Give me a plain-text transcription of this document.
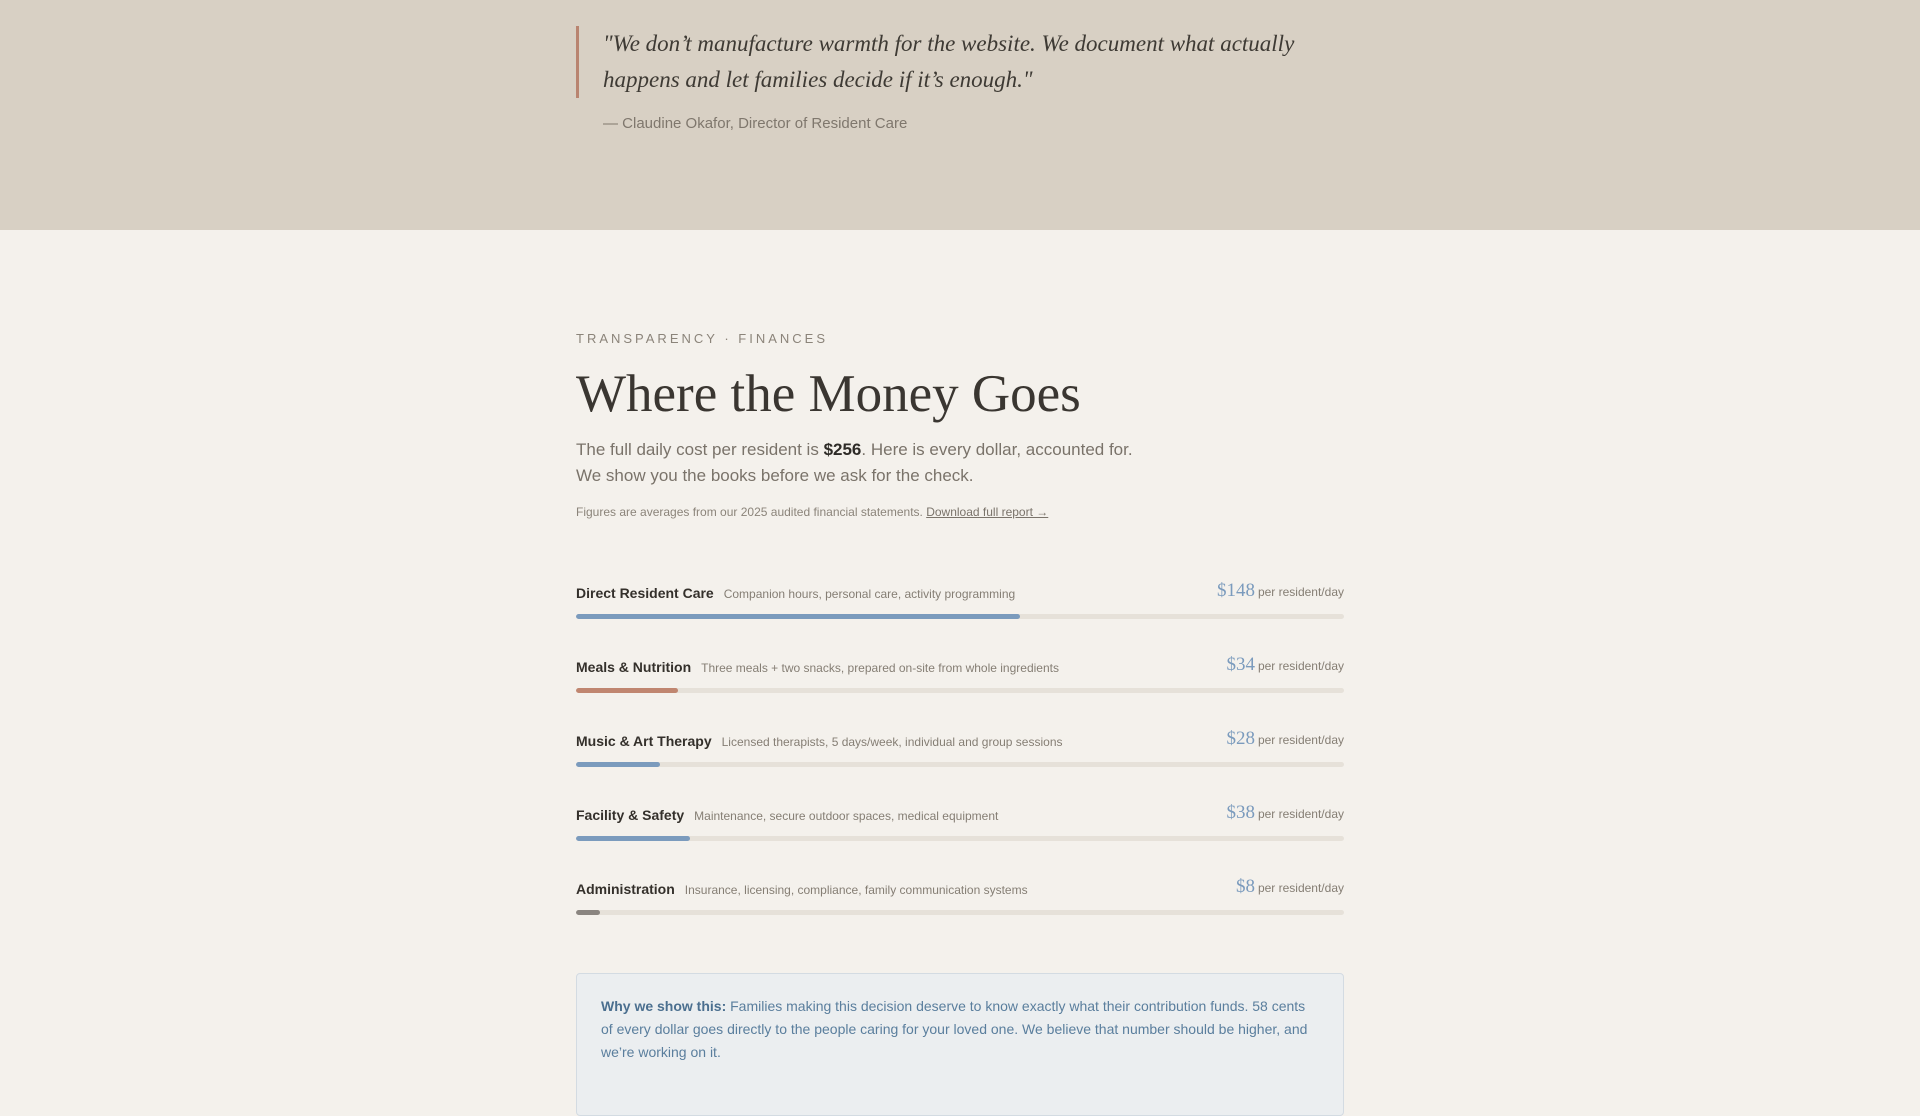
"We don’t manufacture warmth for the website. We document what actually happens and let families decide if it’s enough."

— Claudine Okafor, Director of Resident Care
TRANSPARENCY · FINANCES
Where the Money Goes

The full daily cost per resident is $256. Here is every dollar, accounted for. We show you the books before we ask for the check.

Figures are averages from our 2025 audited financial statements. Download full report →
Direct Resident Care Companion hours, personal care, activity programming	$148 per resident/day
Meals & Nutrition Three meals + two snacks, prepared on-site from whole ingredients	$34 per resident/day
Music & Art Therapy Licensed therapists, 5 days/week, individual and group sessions	$28 per resident/day
Facility & Safety Maintenance, secure outdoor spaces, medical equipment	$38 per resident/day
Administration Insurance, licensing, compliance, family communication systems	$8 per resident/day
Why we show this: Families making this decision deserve to know exactly what their contribution funds. 58 cents of every dollar goes directly to the people caring for your loved one. We believe that number should be higher, and we’re working on it.
